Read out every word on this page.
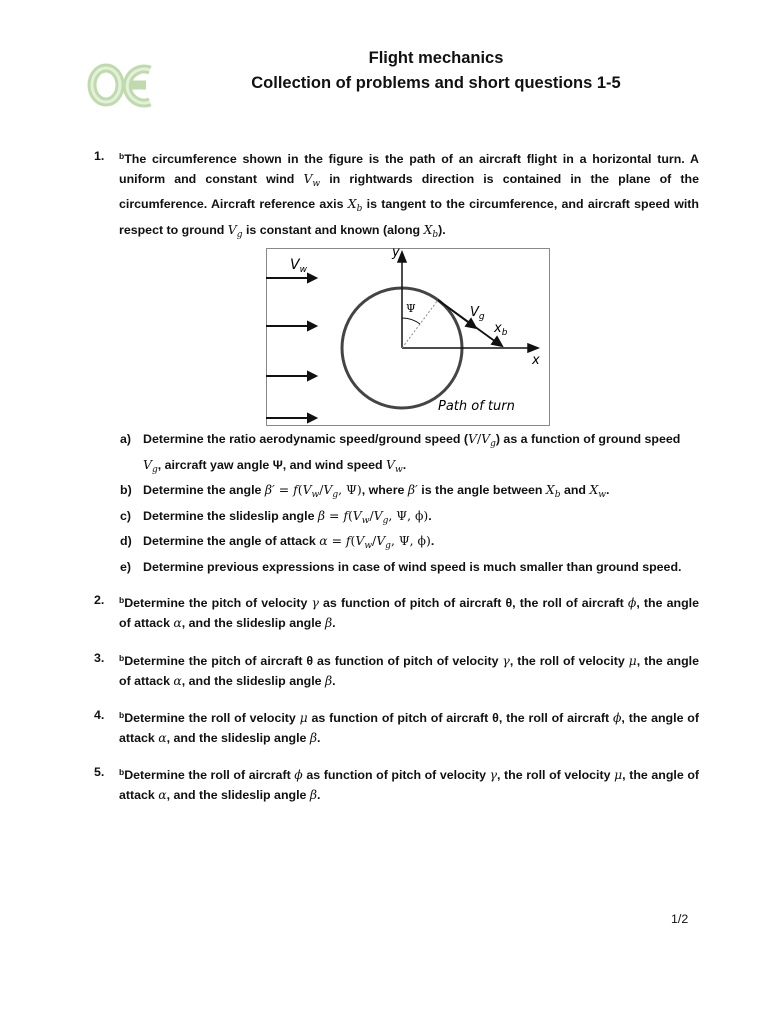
Flight mechanics
Collection of problems and short questions 1-5
1. $^b$The circumference shown in the figure is the path of an aircraft flight in a horizontal turn. A uniform and constant wind $V_w$ in rightwards direction is contained in the plane of the circumference. Aircraft reference axis $X_b$ is tangent to the circumference, and aircraft speed with respect to ground $V_g$ is constant and known (along $X_b$).
$V_w$
y
x
Ψ	$V_g$
$x_b$
Path of turn
a) Determine the ratio aerodynamic speed/ground speed $(V/V_g)$ as a function of ground speed $V_g$, aircraft yaw angle Ψ, and wind speed $V_w$.
b) Determine the angle $\beta' = f(V_w/V_g$, Ψ), where β′ is the angle between $X_b$ and $X_w$.
c) Determine the slideslip angle $\beta = f(V_w/V_g$, Ψ, ϕ).
d) Determine the angle of attack $\alpha = f(V_w/V_g$, Ψ, ϕ).
e) Determine previous expressions in case of wind speed is much smaller than ground speed.
2. $^b$Determine the pitch of velocity γ as function of pitch of aircraft θ, the roll of aircraft ϕ, the angle of attack α, and the slideslip angle β.
3. $^b$Determine the pitch of aircraft θ as function of pitch of velocity γ, the roll of velocity μ, the angle of attack α, and the slideslip angle β.
4. $^b$Determine the roll of velocity μ as function of pitch of aircraft θ, the roll of aircraft ϕ, the angle of attack α, and the slideslip angle β.
5. $^b$Determine the roll of aircraft ϕ as function of pitch of velocity γ, the roll of velocity μ, the angle of attack α, and the slideslip angle β.
1/2
